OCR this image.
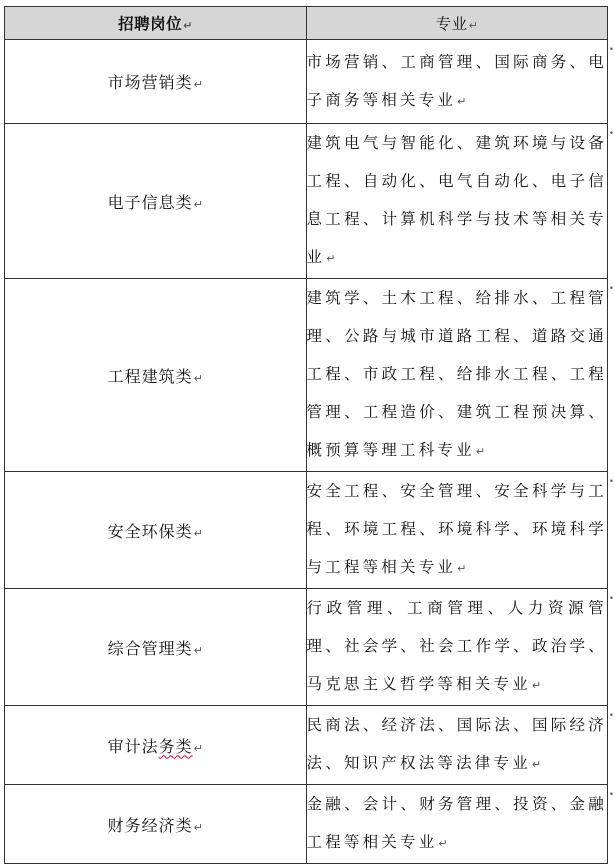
招聘岗位↵	专业↵
市场营销类↵	市场营销、工商管理、国际商务、电子商务等相关专业↵
•

电子信息类↵	建筑电气与智能化、建筑环境与设备工程、自动化、电气自动化、电子信息工程、计算机科学与技术等相关专业↵
•

工程建筑类↵	建筑学、土木工程、给排水、工程管理、公路与城市道路工程、道路交通工程、市政工程、给排水工程、工程管理、工程造价、建筑工程预决算、概预算等理工科专业↵
•

安全环保类↵	安全工程、安全管理、安全科学与工程、环境工程、环境科学、环境科学与工程等相关专业↵
•

综合管理类↵	行政管理、工商管理、人力资源管理、社会学、社会工作学、政治学、马克思主义哲学等相关专业↵
•

审计法务类↵	民商法、经济法、国际法、国际经济法、知识产权法等法律专业↵
•

财务经济类↵	金融、会计、财务管理、投资、金融工程等相关专业↵
•
